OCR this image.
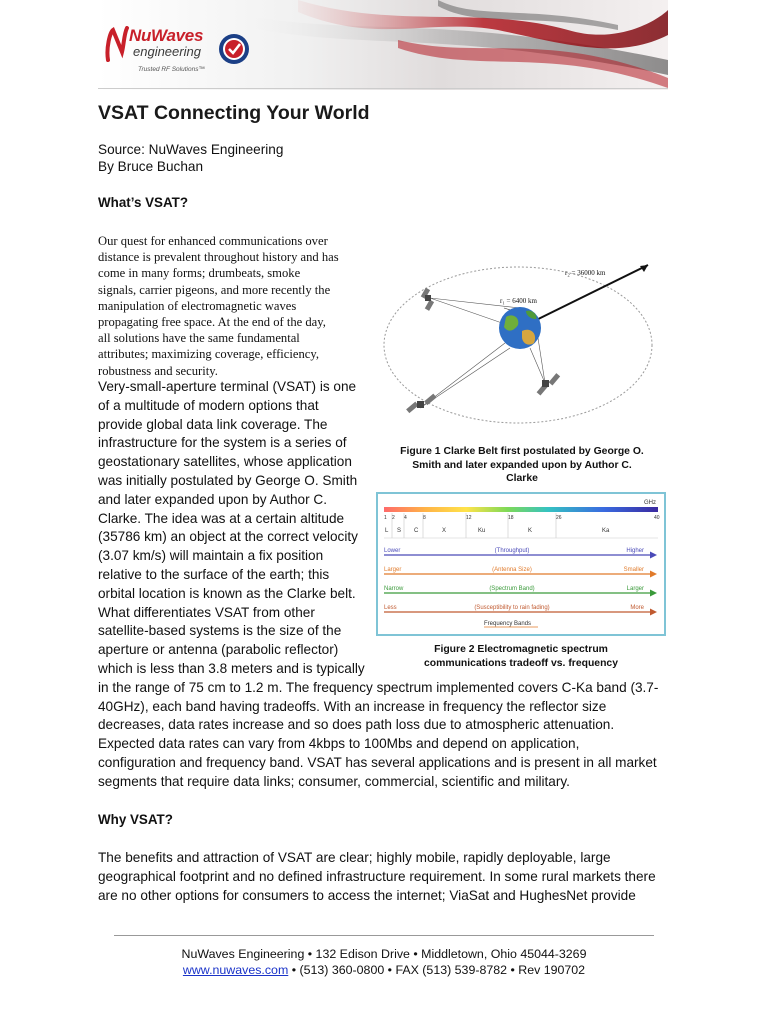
NuWaves
engineering
Trusted RF Solutions™
VSAT Connecting Your World
Source: NuWaves Engineering
By Bruce Buchan
What’s VSAT?
Our quest for enhanced communications over
distance is prevalent throughout history and has
come in many forms; drumbeats, smoke
signals, carrier pigeons, and more recently the
manipulation of electromagnetic waves
propagating free space. At the end of the day,
all solutions have the same fundamental
attributes; maximizing coverage, efficiency,
robustness and security.
Very-small-aperture terminal (VSAT) is one
of a multitude of modern options that
provide global data link coverage. The
infrastructure for the system is a series of
geostationary satellites, whose application
was initially postulated by George O. Smith
and later expanded upon by Author C.
Clarke. The idea was at a certain altitude
(35786 km) an object at the correct velocity
(3.07 km/s) will maintain a fix position
relative to the surface of the earth; this
orbital location is known as the Clarke belt.
What differentiates VSAT from other
satellite-based systems is the size of the
aperture or antenna (parabolic reflector)
which is less than 3.8 meters and is typically
in the range of 75 cm to 1.2 m. The frequency spectrum implemented covers C-Ka band (3.7-
40GHz), each band having tradeoffs. With an increase in frequency the reflector size
decreases, data rates increase and so does path loss due to atmospheric attenuation.
Expected data rates can vary from 4kbps to 100Mbs and depend on application,
configuration and frequency band. VSAT has several applications and is present in all market
segments that require data links; consumer, commercial, scientific and military.
r₂ = 36000 km
r₁ = 6400 km
Figure 1 Clarke Belt first postulated by George O.
Smith and later expanded upon by Author C.
Clarke
GHz
1 2 4	8	12	18	26	40
L S C	X	Ku	K	Ka
Lower	(Throughput)	Higher
Larger	(Antenna Size)	Smaller
Narrow	(Spectrum Band)	Larger
Less	(Susceptibility to rain fading)	More
Frequency Bands
Figure 2 Electromagnetic spectrum
communications tradeoff vs. frequency
Why VSAT?
The benefits and attraction of VSAT are clear; highly mobile, rapidly deployable, large
geographical footprint and no defined infrastructure requirement. In some rural markets there
are no other options for consumers to access the internet; ViaSat and HughesNet provide
NuWaves Engineering • 132 Edison Drive • Middletown, Ohio 45044-3269
www.nuwaves.com • (513) 360-0800 • FAX (513) 539-8782 • Rev 190702
